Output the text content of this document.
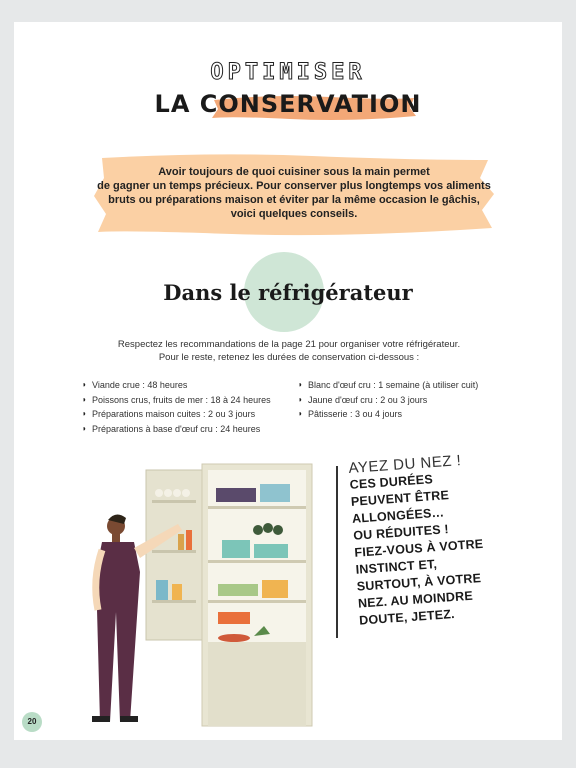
OPTIMISER
LA CONSERVATION
Avoir toujours de quoi cuisiner sous la main permet
de gagner un temps précieux. Pour conserver plus longtemps vos aliments
bruts ou préparations maison et éviter par la même occasion le gâchis,
voici quelques conseils.
Dans le réfrigérateur
Respectez les recommandations de la page 21 pour organiser votre réfrigérateur.
Pour le reste, retenez les durées de conservation ci-dessous :
◗ Viande crue : 48 heures
◗ Poissons crus, fruits de mer : 18 à 24 heures
◗ Préparations maison cuites : 2 ou 3 jours
◗ Préparations à base d'œuf cru : 24 heures
◗ Blanc d'œuf cru : 1 semaine (à utiliser cuit)
◗ Jaune d'œuf cru : 2 ou 3 jours
◗ Pâtisserie : 3 ou 4 jours
AYEZ DU NEZ !
CES DURÉES
PEUVENT ÊTRE
ALLONGÉES…
OU RÉDUITES !
FIEZ-VOUS À VOTRE
INSTINCT ET,
SURTOUT, À VOTRE
NEZ. AU MOINDRE
DOUTE, JETEZ.
20
